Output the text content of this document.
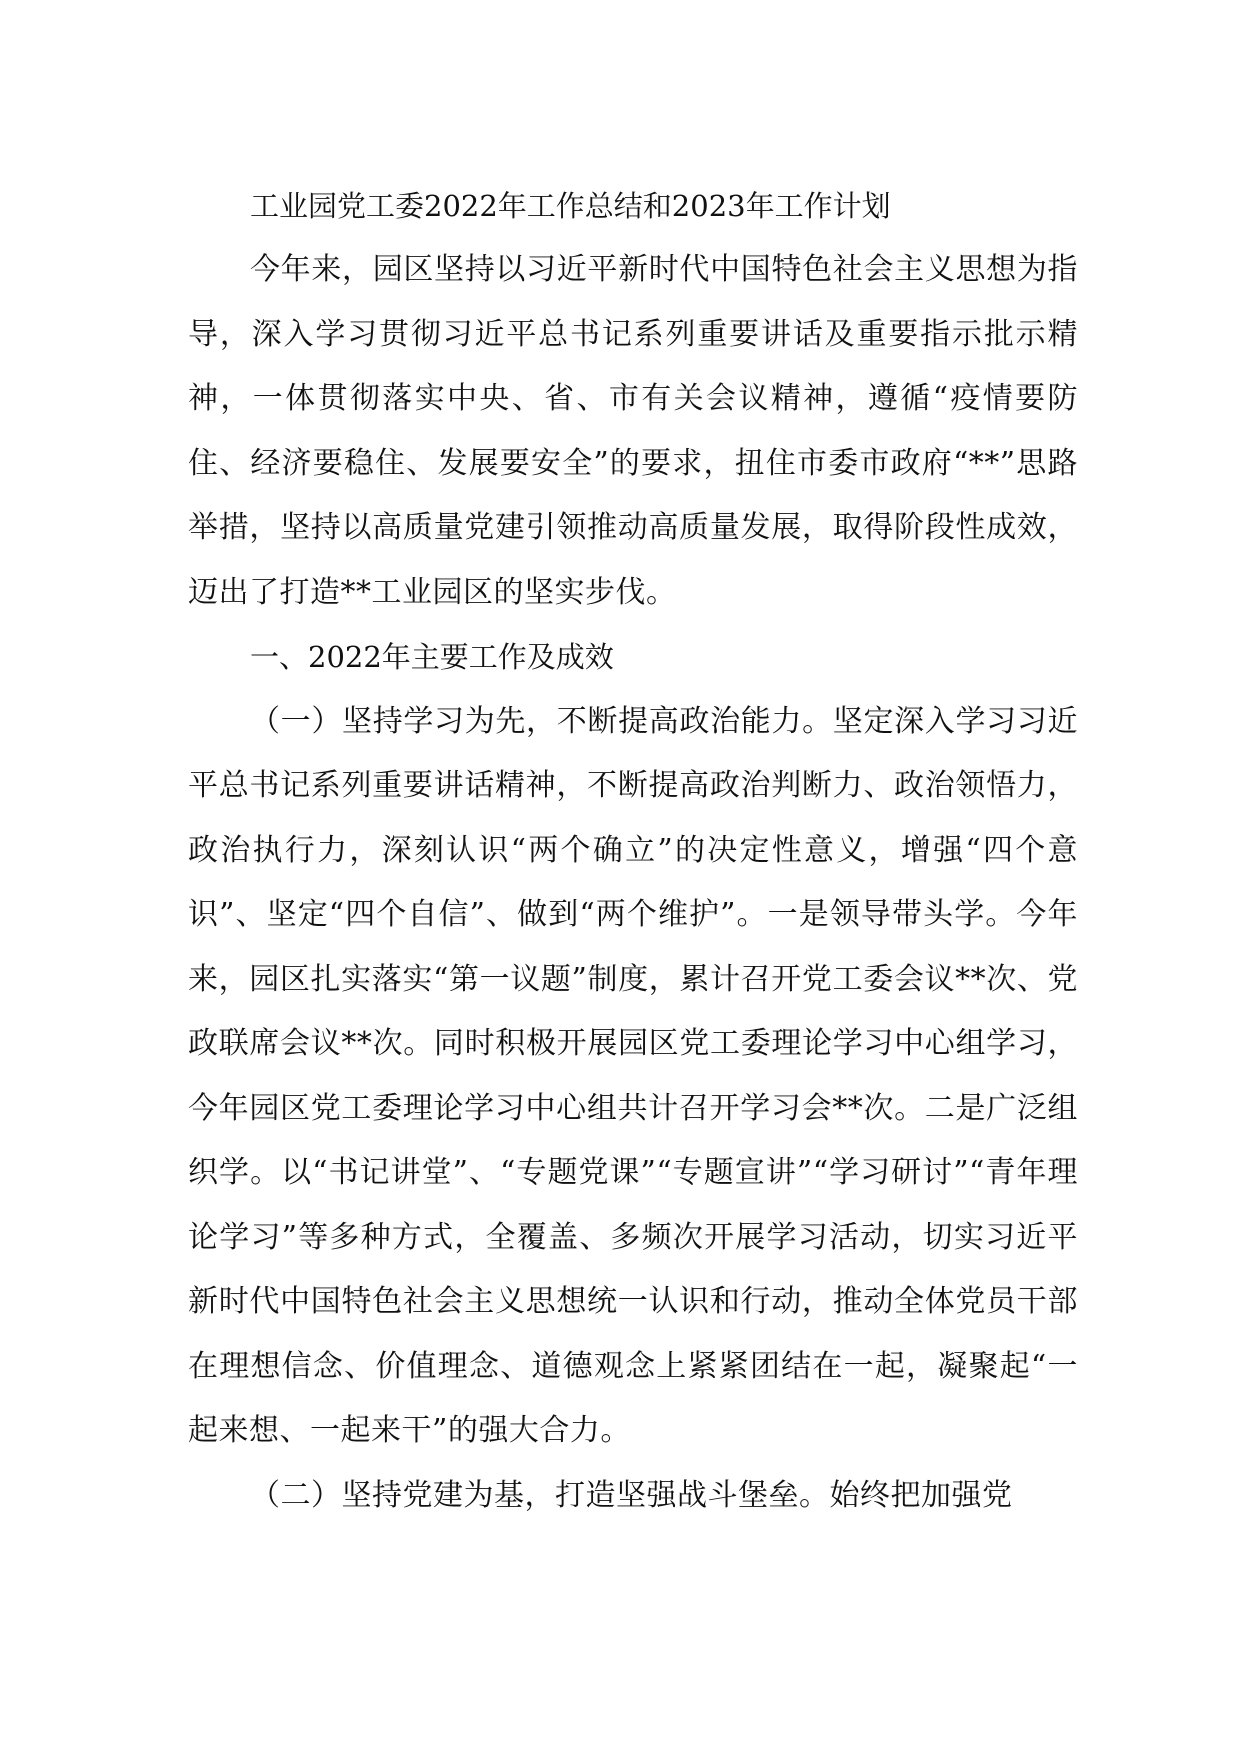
工业园党工委2022年工作总结和2023年工作计划

今年来，园区坚持以习近平新时代中国特色社会主义思想为指导，深入学习贯彻习近平总书记系列重要讲话及重要指示批示精神，一体贯彻落实中央、省、市有关会议精神，遵循“疫情要防住、经济要稳住、发展要安全”的要求，扭住市委市政府“**”思路举措，坚持以高质量党建引领推动高质量发展，取得阶段性成效，迈出了打造**工业园区的坚实步伐。

一、2022年主要工作及成效

（一）坚持学习为先，不断提高政治能力。坚定深入学习习近平总书记系列重要讲话精神，不断提高政治判断力、政治领悟力，政治执行力，深刻认识“两个确立”的决定性意义，增强“四个意识”、坚定“四个自信”、做到“两个维护”。一是领导带头学。今年来，园区扎实落实“第一议题”制度，累计召开党工委会议**次、党政联席会议**次。同时积极开展园区党工委理论学习中心组学习，今年园区党工委理论学习中心组共计召开学习会**次。二是广泛组织学。以“书记讲堂”、“专题党课”“专题宣讲”“学习研讨”“青年理论学习”等多种方式，全覆盖、多频次开展学习活动，切实习近平新时代中国特色社会主义思想统一认识和行动，推动全体党员干部在理想信念、价值理念、道德观念上紧紧团结在一起，凝聚起“一起来想、一起来干”的强大合力。

（二）坚持党建为基，打造坚强战斗堡垒。始终把加强党
